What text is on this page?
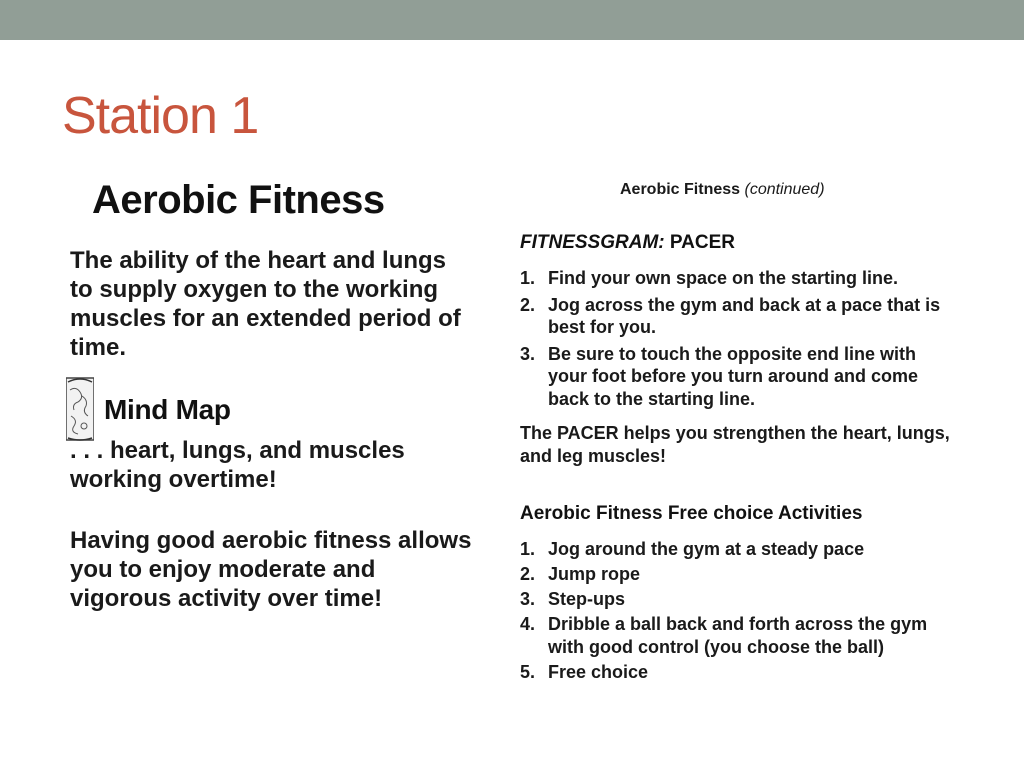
Station 1
Aerobic Fitness
The ability of the heart and lungs to supply oxygen to the working muscles for an extended period of time.
Mind Map
. . . heart, lungs, and muscles working overtime!
Having good aerobic fitness allows you to enjoy moderate and vigorous activity over time!
Aerobic Fitness (continued)
FITNESSGRAM: PACER
1. Find your own space on the starting line.
2. Jog across the gym and back at a pace that is best for you.
3. Be sure to touch the opposite end line with your foot before you turn around and come back to the starting line.
The PACER helps you strengthen the heart, lungs, and leg muscles!
Aerobic Fitness Free choice Activities
1. Jog around the gym at a steady pace
2. Jump rope
3. Step-ups
4. Dribble a ball back and forth across the gym with good control (you choose the ball)
5. Free choice
